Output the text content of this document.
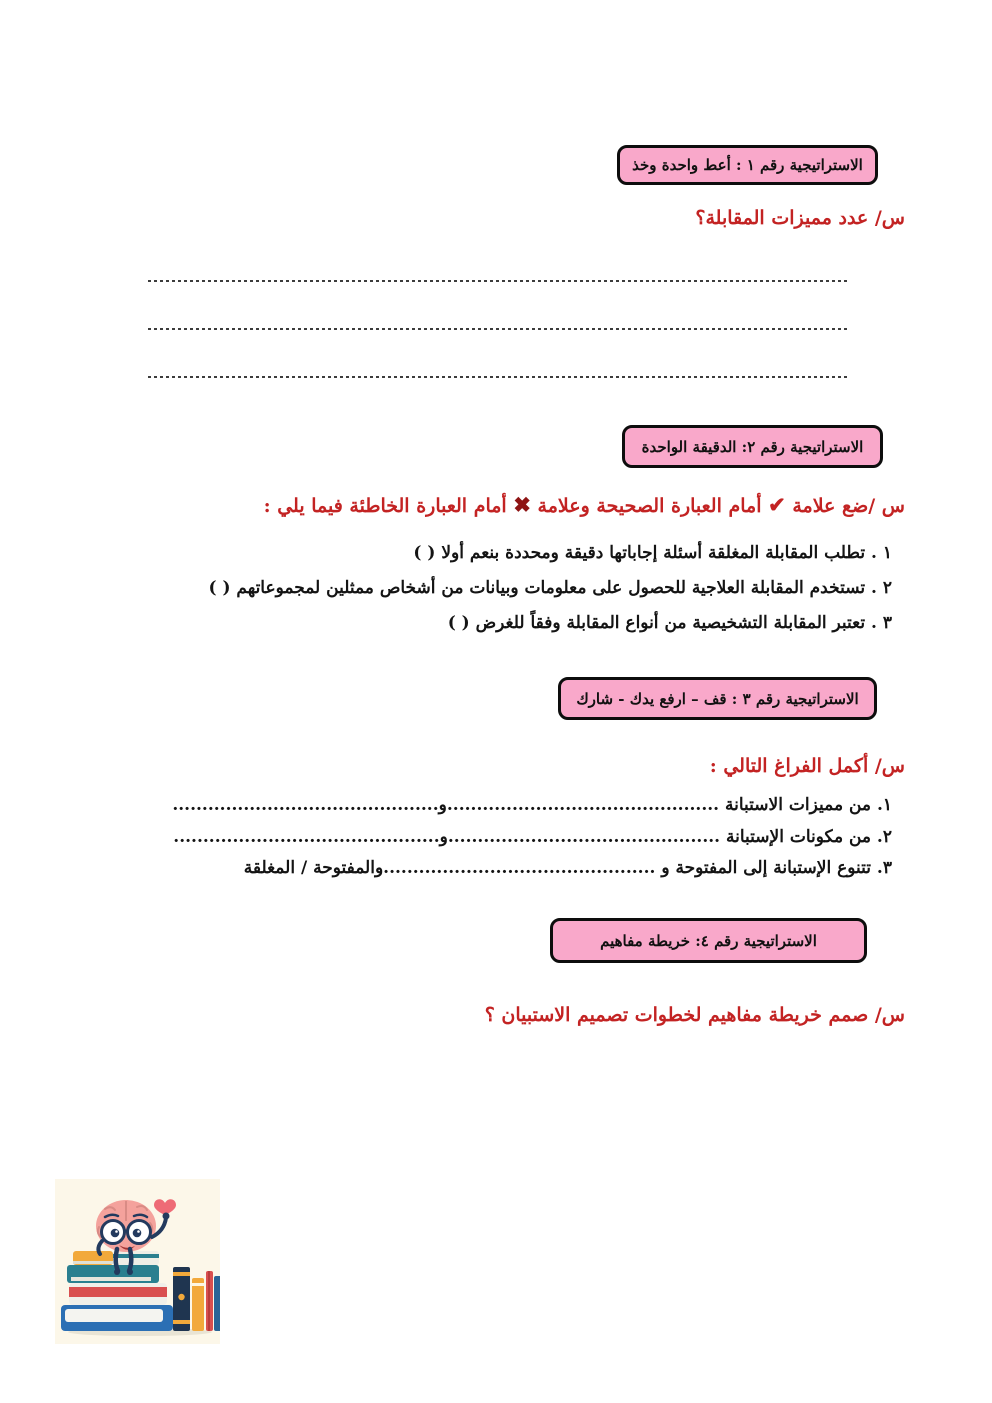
الاستراتيجية رقم ١ : أعط واحدة وخذ
س/ عدد مميزات المقابلة؟
الاستراتيجية رقم ٢: الدقيقة الواحدة
س /ضع علامة ✔ أمام العبارة الصحيحة وعلامة ✖ أمام العبارة الخاطئة فيما يلي :
١ . تطلب المقابلة المغلقة أسئلة إجاباتها دقيقة ومحددة بنعم أولا ( )
٢ . تستخدم المقابلة العلاجية للحصول على معلومات وبيانات من أشخاص ممثلين لمجموعاتهم ( )
٣ . تعتبر المقابلة التشخيصية من أنواع المقابلة وفقاً للغرض ( )
الاستراتيجية رقم ٣ : قف – ارفع يدك - شارك
س/ أكمل الفراغ التالي :
١. من مميزات الاستبانة ..............................................و.............................................
٢. من مكونات الإستبانة ..............................................و.............................................
٣. تتنوع الإستبانة إلى المفتوحة و ..............................................والمفتوحة / المغلقة
الاستراتيجية رقم ٤: خريطة مفاهيم
س/ صمم خريطة مفاهيم لخطوات تصميم الاستبيان ؟
